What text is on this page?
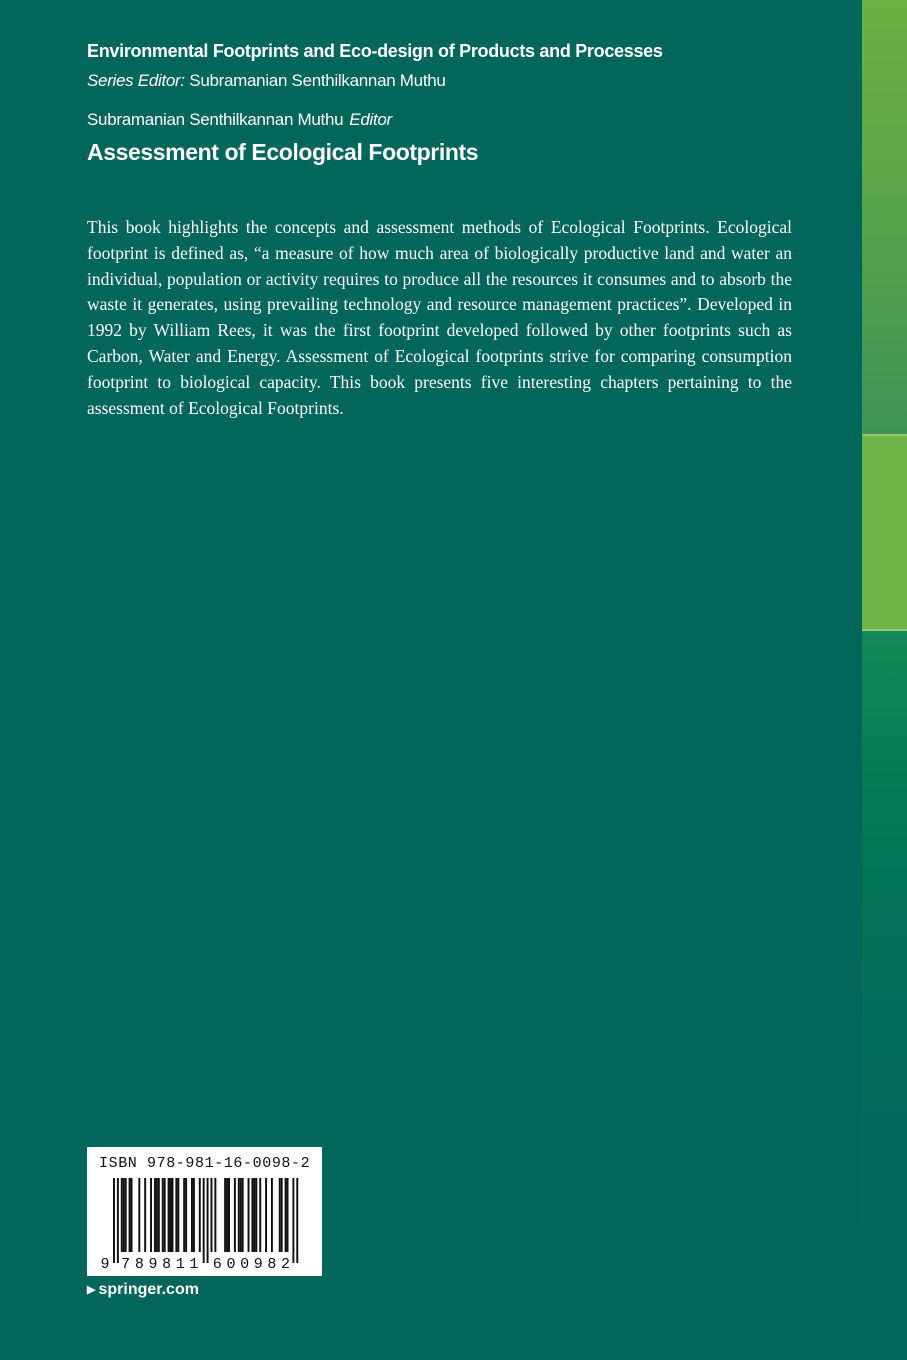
Environmental Footprints and Eco-design of Products and Processes

Series Editor: Subramanian Senthilkannan Muthu

Subramanian Senthilkannan Muthu Editor

Assessment of Ecological Footprints

This book highlights the concepts and assessment methods of Ecological Footprints. Ecological footprint is defined as, “a measure of how much area of biologically productive land and water an individual, population or activity requires to produce all the resources it consumes and to absorb the waste it generates, using prevailing technology and resource management practices”. Developed in 1992 by William Rees, it was the first footprint developed followed by other footprints such as Carbon, Water and Energy. Assessment of Ecological footprints strive for comparing consumption footprint to biological capacity. This book presents five interesting chapters pertaining to the assessment of Ecological Footprints.

ISBN 978-981-16-0098-2

9 7 8 9 8 1 1 6 0 0 9 8 2

▶ springer.com
